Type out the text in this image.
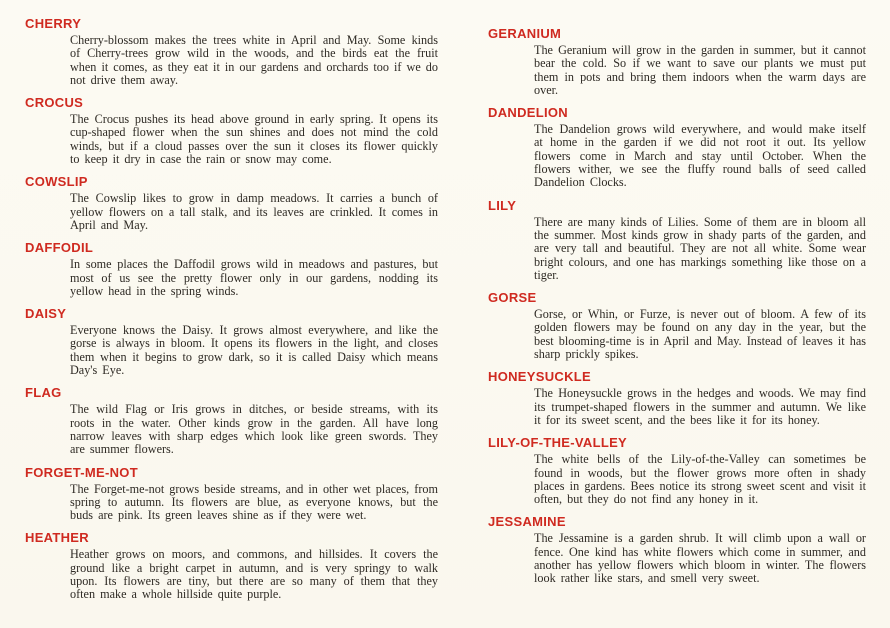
CHERRY

Cherry-blossom makes the trees white in April and May. Some kinds of Cherry-trees grow wild in the woods, and the birds eat the fruit when it comes, as they eat it in our gardens and orchards too if we do not drive them away.

CROCUS

The Crocus pushes its head above ground in early spring. It opens its cup-shaped flower when the sun shines and does not mind the cold winds, but if a cloud passes over the sun it closes its flower quickly to keep it dry in case the rain or snow may come.

COWSLIP

The Cowslip likes to grow in damp meadows. It carries a bunch of yellow flowers on a tall stalk, and its leaves are crinkled. It comes in April and May.

DAFFODIL

In some places the Daffodil grows wild in meadows and pastures, but most of us see the pretty flower only in our gardens, nodding its yellow head in the spring winds.

DAISY

Everyone knows the Daisy. It grows almost everywhere, and like the gorse is always in bloom. It opens its flowers in the light, and closes them when it begins to grow dark, so it is called Daisy which means Day's Eye.

FLAG

The wild Flag or Iris grows in ditches, or beside streams, with its roots in the water. Other kinds grow in the garden. All have long narrow leaves with sharp edges which look like green swords. They are summer flowers.

FORGET-ME-NOT

The Forget-me-not grows beside streams, and in other wet places, from spring to autumn. Its flowers are blue, as everyone knows, but the buds are pink. Its green leaves shine as if they were wet.

HEATHER

Heather grows on moors, and commons, and hillsides. It covers the ground like a bright carpet in autumn, and is very springy to walk upon. Its flowers are tiny, but there are so many of them that they often make a whole hillside quite purple.

GERANIUM

The Geranium will grow in the garden in summer, but it cannot bear the cold. So if we want to save our plants we must put them in pots and bring them indoors when the warm days are over.

DANDELION

The Dandelion grows wild everywhere, and would make itself at home in the garden if we did not root it out. Its yellow flowers come in March and stay until October. When the flowers wither, we see the fluffy round balls of seed called Dandelion Clocks.

LILY

There are many kinds of Lilies. Some of them are in bloom all the summer. Most kinds grow in shady parts of the garden, and are very tall and beautiful. They are not all white. Some wear bright colours, and one has markings something like those on a tiger.

GORSE

Gorse, or Whin, or Furze, is never out of bloom. A few of its golden flowers may be found on any day in the year, but the best blooming-time is in April and May. Instead of leaves it has sharp prickly spikes.

HONEYSUCKLE

The Honeysuckle grows in the hedges and woods. We may find its trumpet-shaped flowers in the summer and autumn. We like it for its sweet scent, and the bees like it for its honey.

LILY-OF-THE-VALLEY

The white bells of the Lily-of-the-Valley can sometimes be found in woods, but the flower grows more often in shady places in gardens. Bees notice its strong sweet scent and visit it often, but they do not find any honey in it.

JESSAMINE

The Jessamine is a garden shrub. It will climb upon a wall or fence. One kind has white flowers which come in summer, and another has yellow flowers which bloom in winter. The flowers look rather like stars, and smell very sweet.
